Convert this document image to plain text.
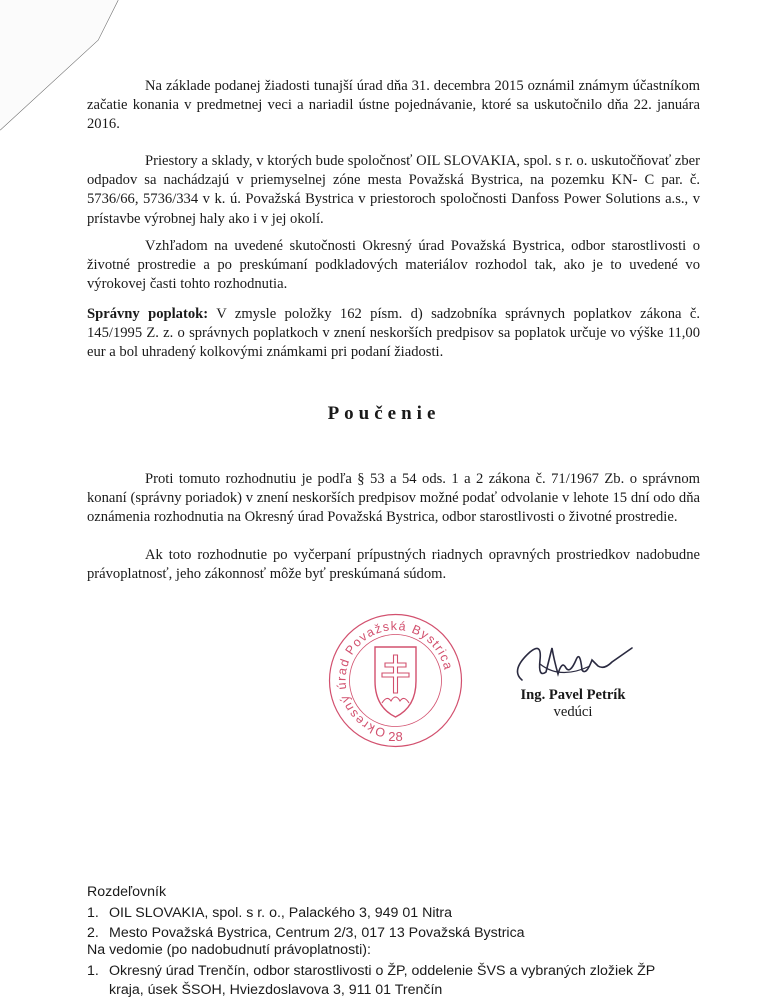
Na základe podanej žiadosti tunajší úrad dňa 31. decembra 2015 oznámil známym účastníkom začatie konania v predmetnej veci a nariadil ústne pojednávanie, ktoré sa uskutočnilo dňa 22. januára 2016.

Priestory a sklady, v ktorých bude spoločnosť OIL SLOVAKIA, spol. s r. o. uskutočňovať zber odpadov sa nachádzajú v priemyselnej zóne mesta Považská Bystrica, na pozemku KN- C par. č. 5736/66, 5736/334 v k. ú. Považská Bystrica v priestoroch spoločnosti Danfoss Power Solutions a.s., v prístavbe výrobnej haly ako i v jej okolí.

Vzhľadom na uvedené skutočnosti Okresný úrad Považská Bystrica, odbor starostlivosti o životné prostredie a po preskúmaní podkladových materiálov rozhodol tak, ako je to uvedené vo výrokovej časti tohto rozhodnutia.

Správny poplatok: V zmysle položky 162 písm. d) sadzobníka správnych poplatkov zákona č. 145/1995 Z. z. o správnych poplatkoch v znení neskorších predpisov sa poplatok určuje vo výške 11,00 eur a bol uhradený kolkovými známkami pri podaní žiadosti.

Poučenie

Proti tomuto rozhodnutiu je podľa § 53 a 54 ods. 1 a 2 zákona č. 71/1967 Zb. o správnom konaní (správny poriadok) v znení neskorších predpisov možné podať odvolanie v lehote 15 dní odo dňa oznámenia rozhodnutia na Okresný úrad Považská Bystrica, odbor starostlivosti o životné prostredie.

Ak toto rozhodnutie po vyčerpaní prípustných riadnych opravných prostriedkov nadobudne právoplatnosť, jeho zákonnosť môže byť preskúmaná súdom.

Okresný úrad Považská Bystrica
28

Ing. Pavel Petrík

vedúci

Rozdeľovník

1. OIL SLOVAKIA, spol. s r. o., Palackého 3, 949 01 Nitra

2. Mesto Považská Bystrica, Centrum 2/3, 017 13 Považská Bystrica

Na vedomie (po nadobudnutí právoplatnosti):

1. Okresný úrad Trenčín, odbor starostlivosti o ŽP, oddelenie ŠVS a vybraných zložiek ŽP

kraja, úsek ŠSOH, Hviezdoslavova 3, 911 01 Trenčín
